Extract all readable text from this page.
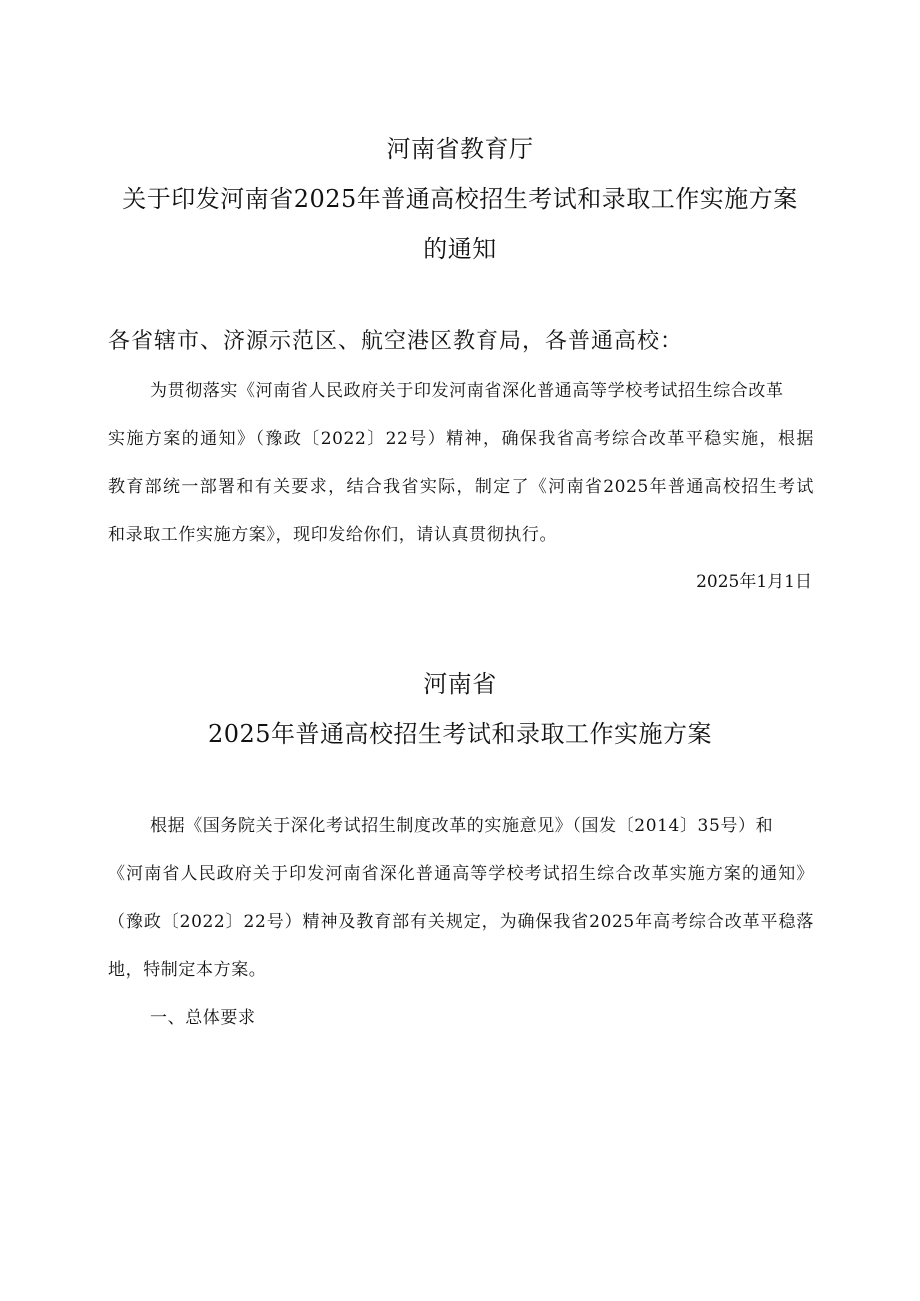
河南省教育厅
关于印发河南省2025年普通高校招生考试和录取工作实施方案
的通知
各省辖市、济源示范区、航空港区教育局，各普通高校：
为贯彻落实《河南省人民政府关于印发河南省深化普通高等学校考试招生综合改革
实施方案的通知》（豫政〔2022〕22号）精神，确保我省高考综合改革平稳实施，根据
教育部统一部署和有关要求，结合我省实际，制定了《河南省2025年普通高校招生考试
和录取工作实施方案》，现印发给你们，请认真贯彻执行。
2025年1月1日
河南省
2025年普通高校招生考试和录取工作实施方案
根据《国务院关于深化考试招生制度改革的实施意见》（国发〔2014〕35号）和
《河南省人民政府关于印发河南省深化普通高等学校考试招生综合改革实施方案的通知》
（豫政〔2022〕22号）精神及教育部有关规定，为确保我省2025年高考综合改革平稳落
地，特制定本方案。
一、总体要求
